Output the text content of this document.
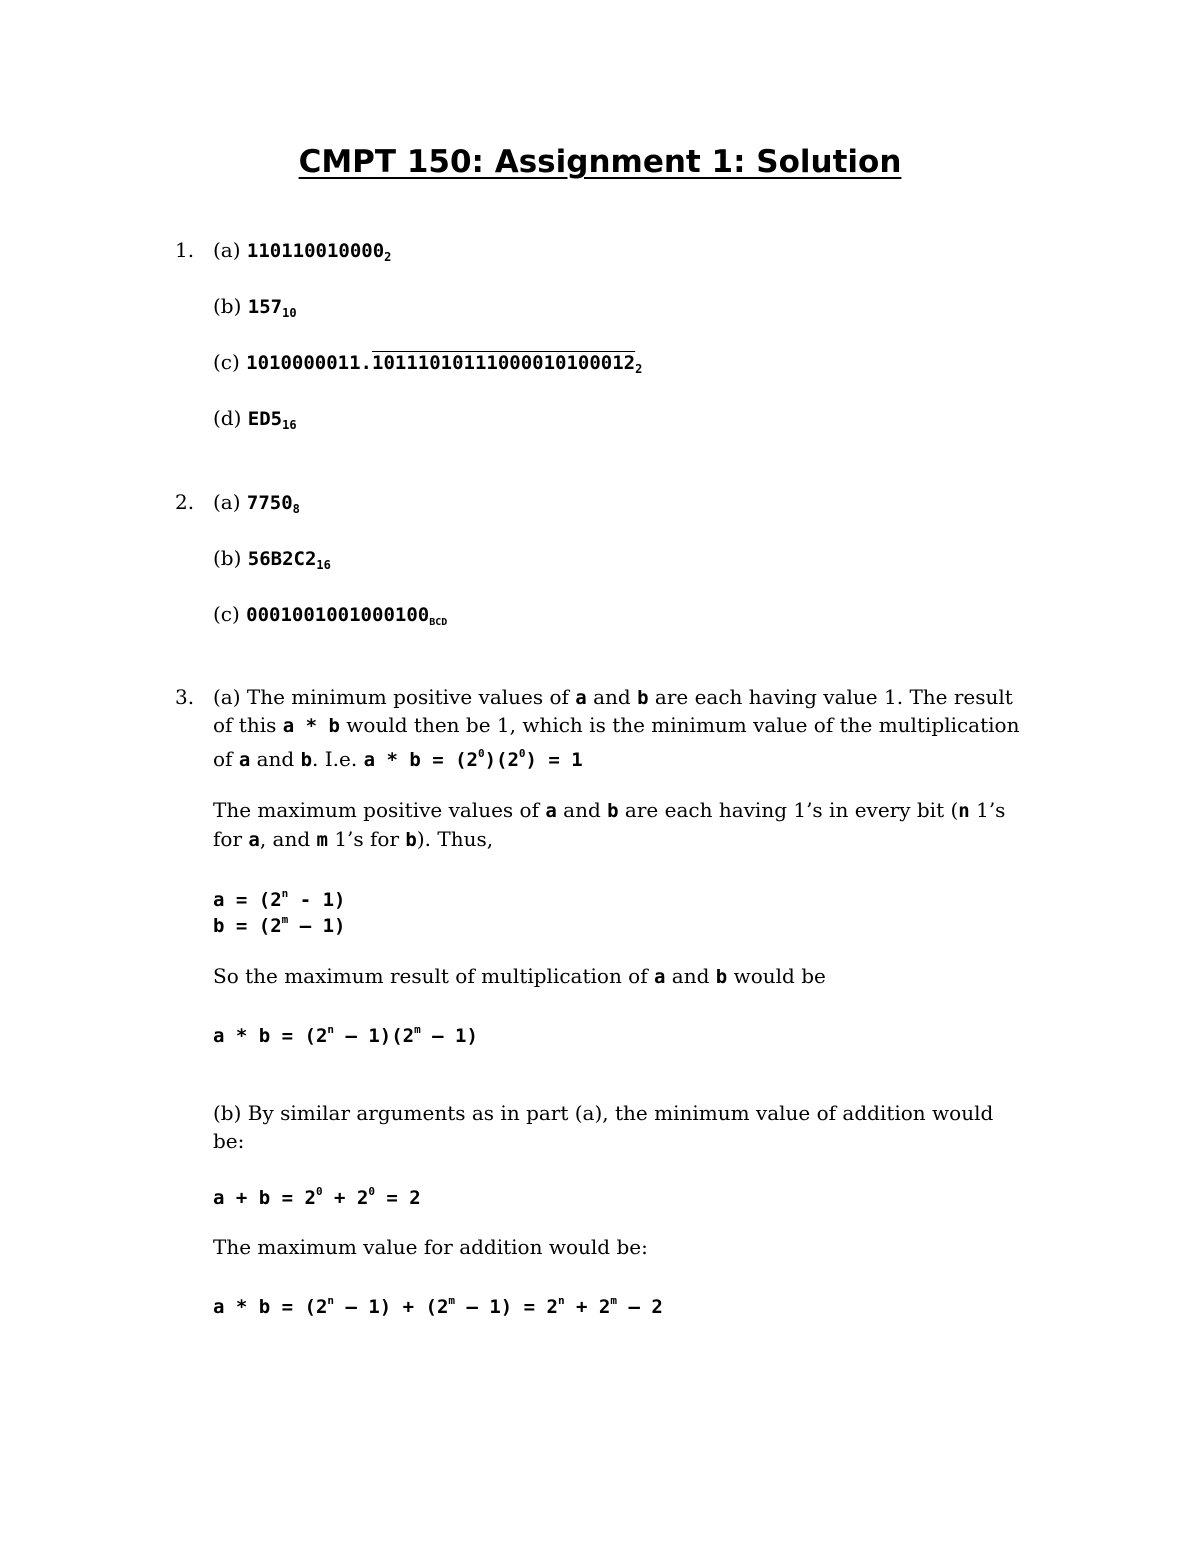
CMPT 150: Assignment 1: Solution
1. (a) $110110010000_2$
(b) $157_{10}$
(c) $1010000011.10111010111000010100012_2$
(d) $ED5_{16}$
2. (a) $7750_8$
(b) $56B2C2_{16}$
(c) $0001001001000100_{BCD}$
3. (a) The minimum positive values of a and b are each having value 1. The result
of this a * b would then be 1, which is the minimum value of the multiplication
of a and b. I.e. $a * b = (2^0)(2^0) = 1$
The maximum positive values of a and b are each having 1’s in every bit (n 1’s
for a, and m 1’s for b). Thus,
$a = (2^n - 1)$
$b = (2^m - 1)$
So the maximum result of multiplication of a and b would be
$a * b = (2^n - 1)(2^m - 1)$
(b) By similar arguments as in part (a), the minimum value of addition would
be:
$a + b = 2^0 + 2^0 = 2$
The maximum value for addition would be:
$a * b = (2^n - 1) + (2^m - 1) = 2^n + 2^m - 2$
